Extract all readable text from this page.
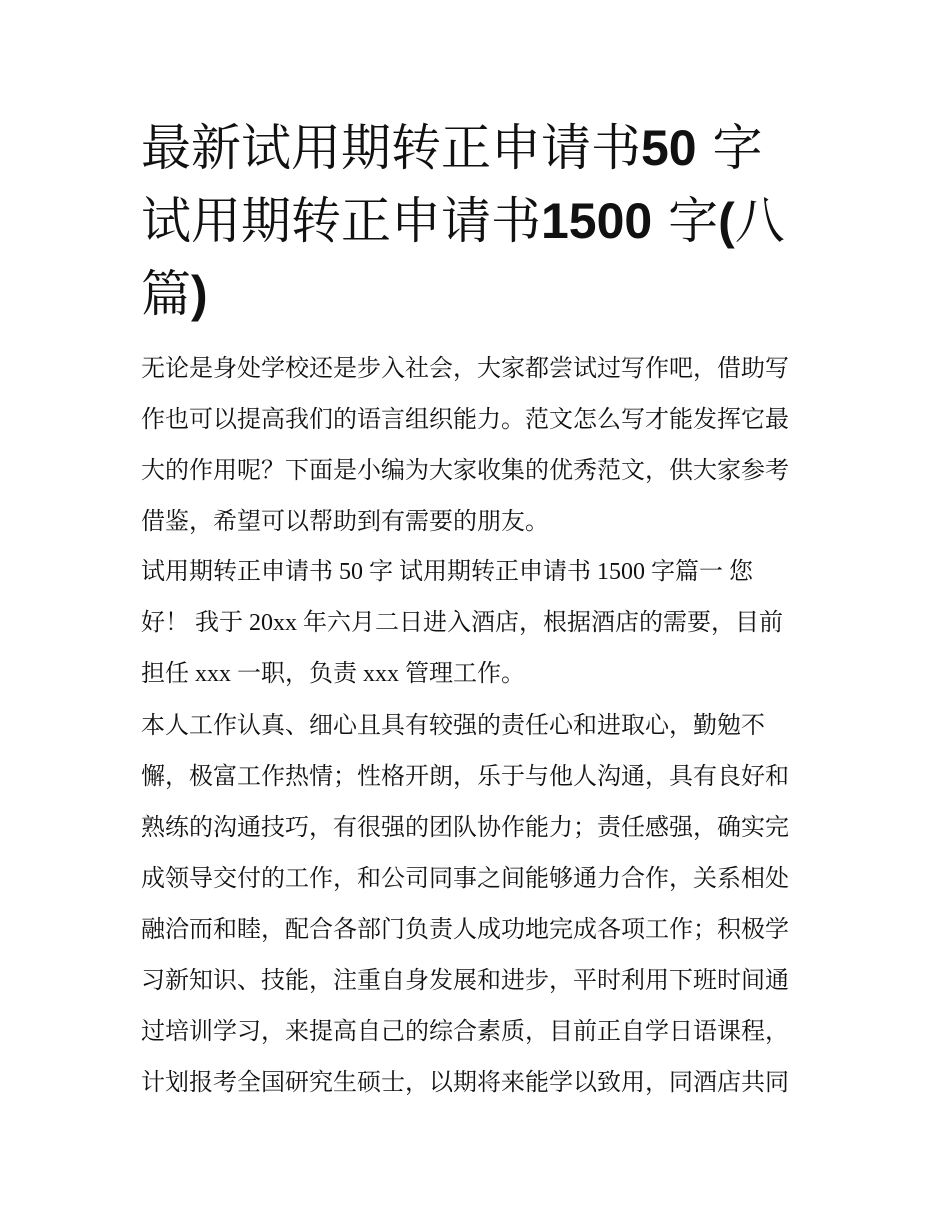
最新试用期转正申请书50 字
试用期转正申请书1500 字(八
篇)
无论是身处学校还是步入社会，大家都尝试过写作吧，借助写
作也可以提高我们的语言组织能力。范文怎么写才能发挥它最
大的作用呢？下面是小编为大家收集的优秀范文，供大家参考
借鉴，希望可以帮助到有需要的朋友。
试用期转正申请书 50 字 试用期转正申请书 1500 字篇一 您
好！ 我于 20xx 年六月二日进入酒店，根据酒店的需要，目前
担任 xxx 一职，负责 xxx 管理工作。
本人工作认真、细心且具有较强的责任心和进取心，勤勉不
懈，极富工作热情；性格开朗，乐于与他人沟通，具有良好和
熟练的沟通技巧，有很强的团队协作能力；责任感强，确实完
成领导交付的工作，和公司同事之间能够通力合作，关系相处
融洽而和睦，配合各部门负责人成功地完成各项工作；积极学
习新知识、技能，注重自身发展和进步，平时利用下班时间通
过培训学习，来提高自己的综合素质，目前正自学日语课程，
计划报考全国研究生硕士，以期将来能学以致用，同酒店共同
